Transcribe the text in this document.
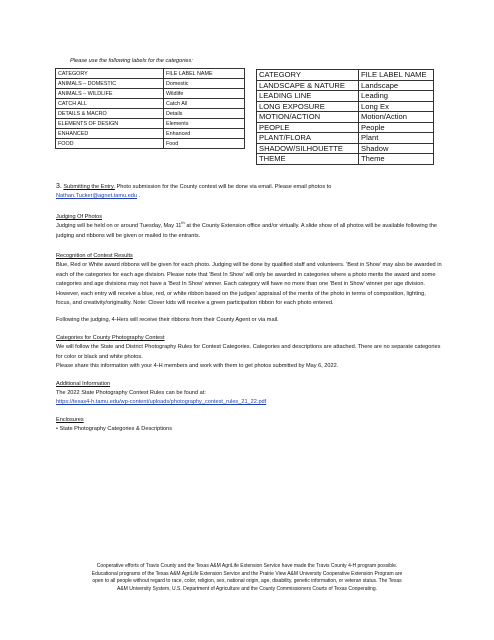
Please use the following labels for the categories:
CATEGORY	FILE LABEL NAME
ANIMALS – DOMESTIC	Domestic
ANIMALS – WILDLIFE	Wildlife
CATCH ALL	Catch All
DETAILS & MACRO	Details
ELEMENTS OF DESIGN	Elements
ENHANCED	Enhanced
FOOD	Food
CATEGORY	FILE LABEL NAME
LANDSCAPE & NATURE	Landscape
LEADING LINE	Leading
LONG EXPOSURE	Long Ex
MOTION/ACTION	Motion/Action
PEOPLE	People
PLANT/FLORA	Plant
SHADOW/SILHOUETTE	Shadow
THEME	Theme

3. Submitting the Entry. Photo submission for the County contest will be done via email. Please email photos to
Nathan.Tucker@agnet.tamu.edu .

Judging Of Photos

Judging will be held on or around Tuesday, May 11th at the County Extension office and/or virtually. A slide show of all photos will be available following the judging and ribbons will be given or mailed to the entrants.

Recognition of Contest Results

Blue, Red or White award ribbons will be given for each photo. Judging will be done by qualified staff and volunteers. ‘Best in Show’ may also be awarded in each of the categories for each age division. Please note that ‘Best In Show’ will only be awarded in categories where a photo merits the award and some categories and age divisions may not have a ‘Best In Show’ winner. Each category will have no more than one ‘Best in Show’ winner per age division. However, each entry will receive a blue, red, or white ribbon based on the judges’ appraisal of the merits of the photo in terms of composition, lighting, focus, and creativity/originality. Note: Clover kids will receive a green participation ribbon for each photo entered.

Following the judging, 4-Hers will receive their ribbons from their County Agent or via mail.

Categories for County Photography Contest

We will follow the State and District Photography Rules for Contest Categories. Categories and descriptions are attached. There are no separate categories for color or black and white photos.

Please share this information with your 4-H members and work with them to get photos submitted by May 6, 2022.

Additional Information

The 2022 State Photography Contest Rules can be found at:

https://texas4-h.tamu.edu/wp-content/uploads/photography_contest_rules_21_22.pdf

Enclosures

• State Photography Categories & Descriptions

Cooperative efforts of Travis County and the Texas A&M AgriLife Extension Service have made the Travis County 4-H program possible.

Educational programs of the Texas A&M AgriLife Extension Service and the Prairie View A&M University Cooperative Extension Program are

open to all people without regard to race, color, religion, sex, national origin, age, disability, genetic information, or veteran status. The Texas

A&M University System, U.S. Department of Agriculture and the County Commissioners Courts of Texas Cooperating.
